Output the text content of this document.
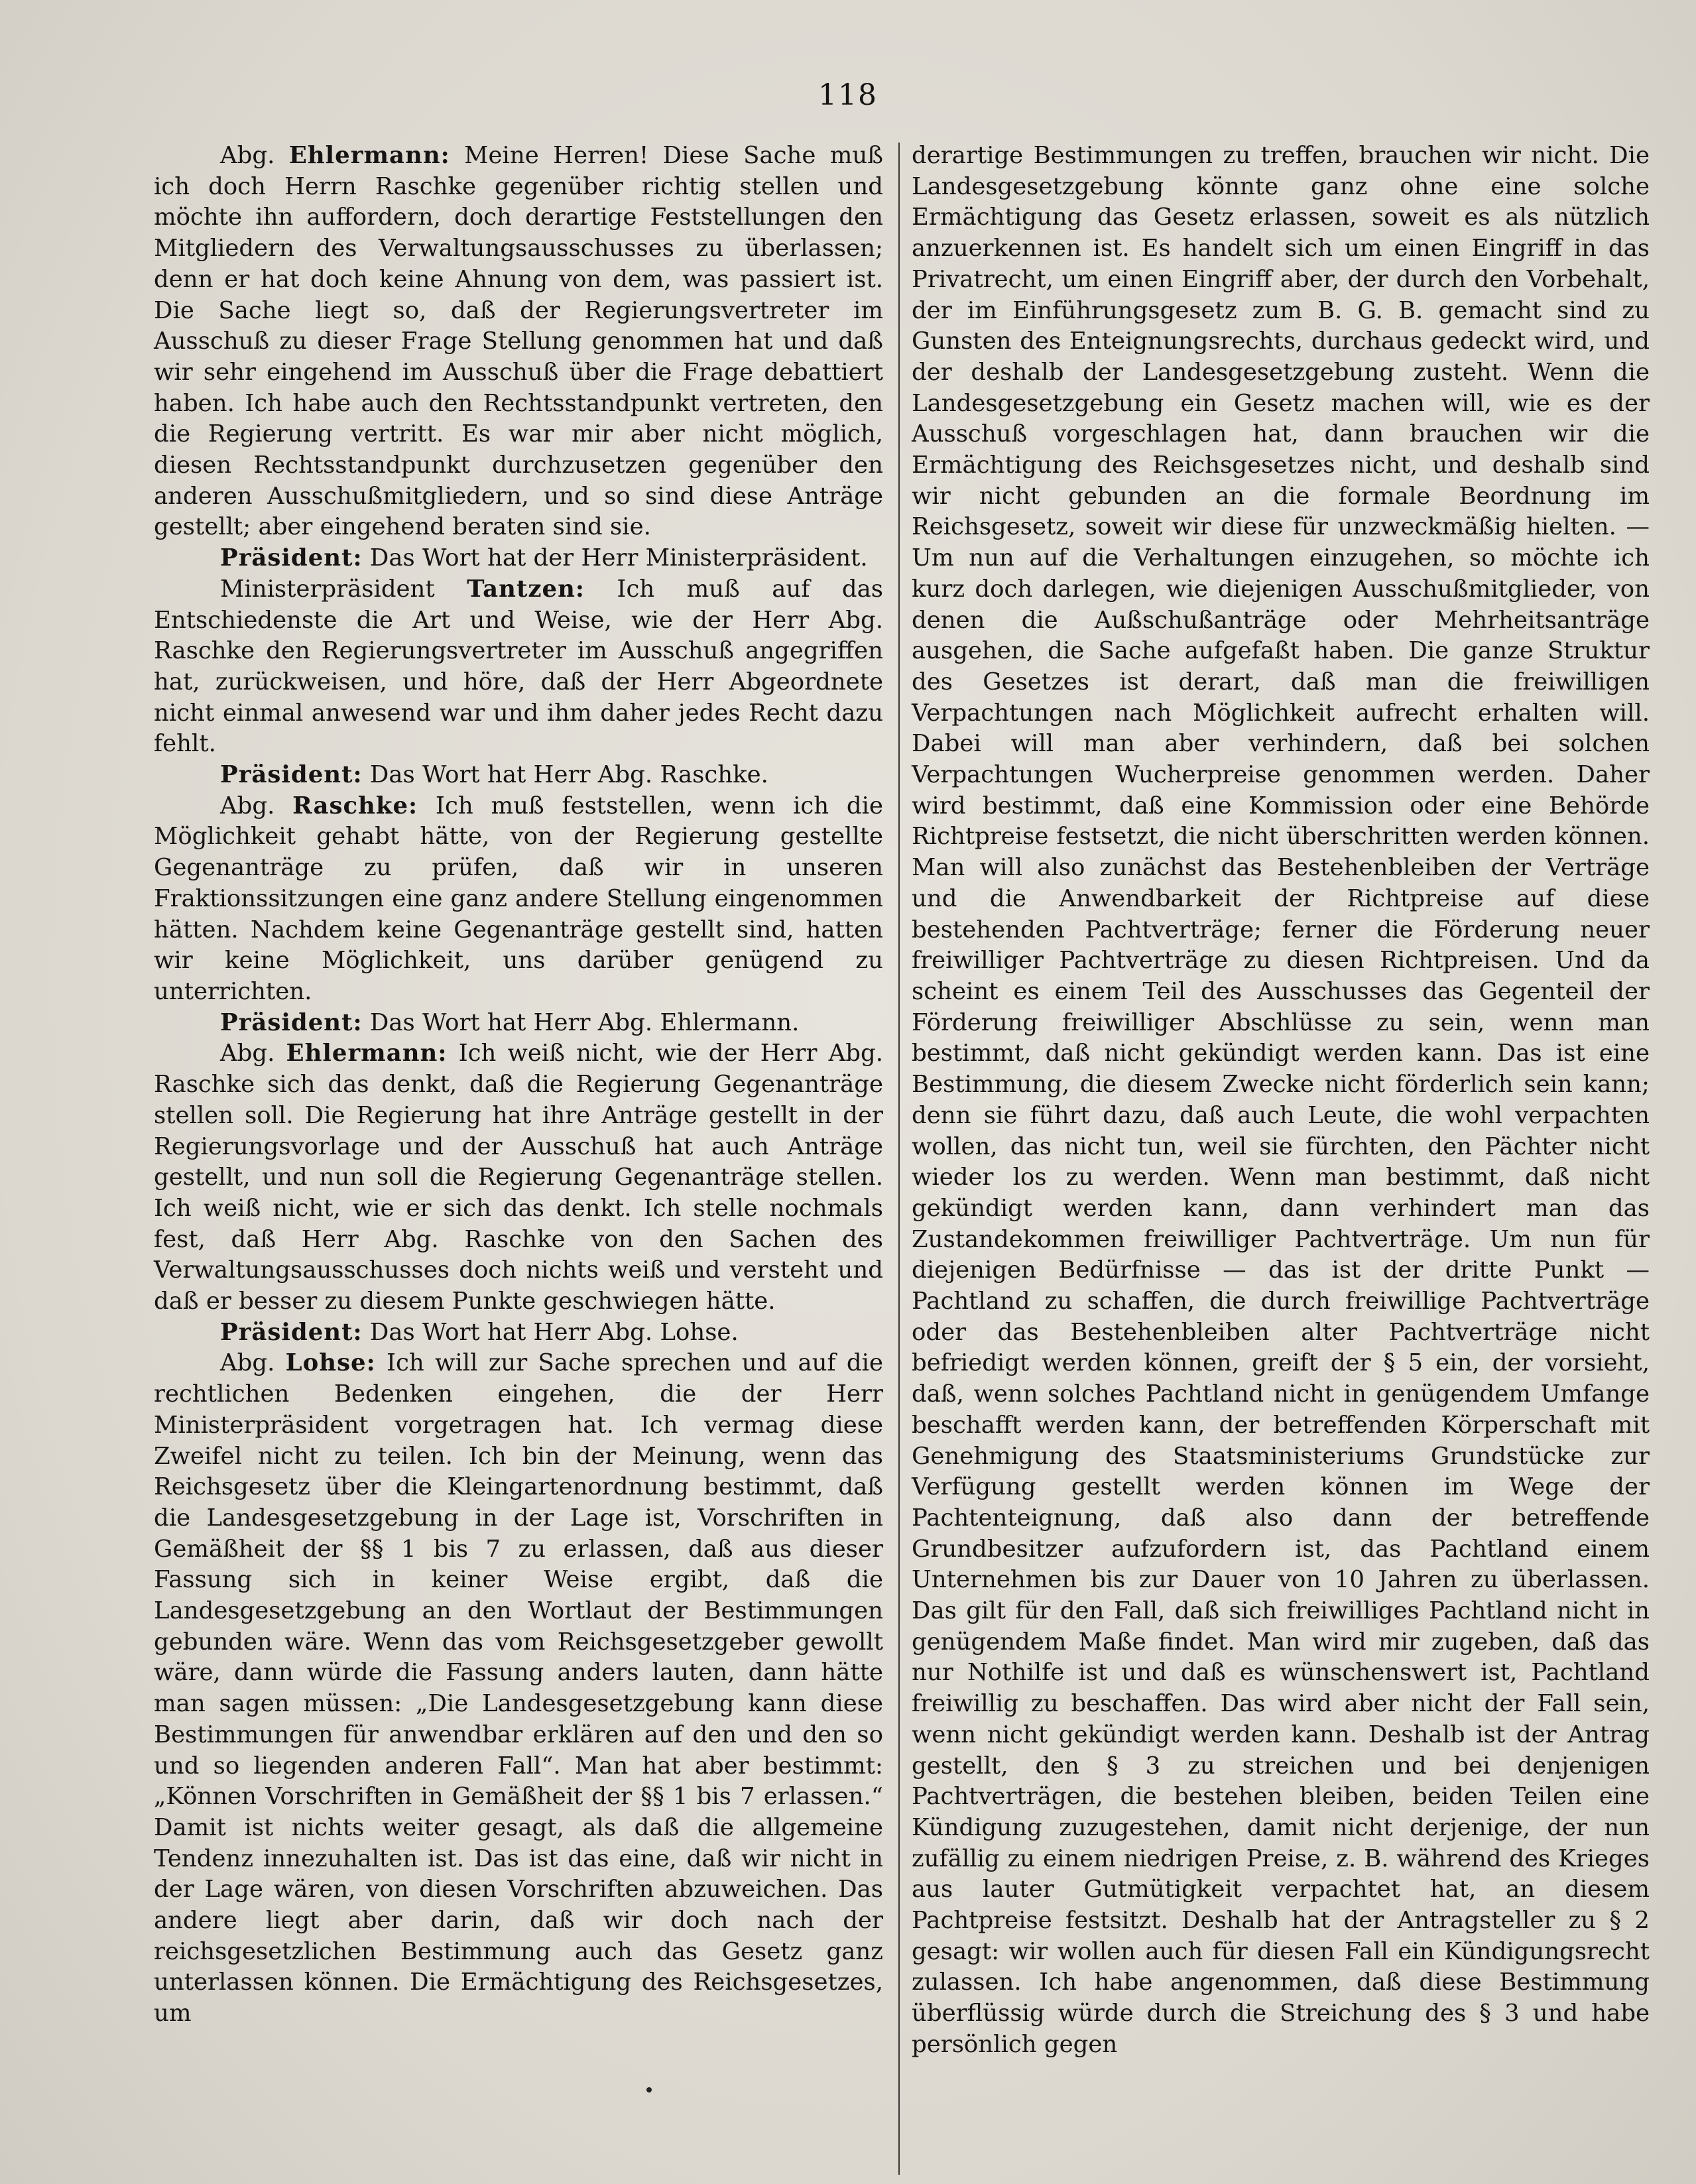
118

Abg. Ehlermann: Meine Herren! Diese Sache muß ich doch Herrn Raschke gegenüber richtig stellen und möchte ihn auffordern, doch derartige Feststellungen den Mitgliedern des Verwaltungsausschusses zu überlassen; denn er hat doch keine Ahnung von dem, was passiert ist. Die Sache liegt so, daß der Regierungsvertreter im Ausschuß zu dieser Frage Stellung genommen hat und daß wir sehr eingehend im Ausschuß über die Frage debattiert haben. Ich habe auch den Rechtsstandpunkt vertreten, den die Regierung vertritt. Es war mir aber nicht möglich, diesen Rechtsstandpunkt durchzusetzen gegenüber den anderen Ausschußmitgliedern, und so sind diese Anträge gestellt; aber eingehend beraten sind sie.

Präsident: Das Wort hat der Herr Ministerpräsident.

Ministerpräsident Tantzen: Ich muß auf das Entschiedenste die Art und Weise, wie der Herr Abg. Raschke den Regierungsvertreter im Ausschuß angegriffen hat, zurückweisen, und höre, daß der Herr Abgeordnete nicht einmal anwesend war und ihm daher jedes Recht dazu fehlt.

Präsident: Das Wort hat Herr Abg. Raschke.

Abg. Raschke: Ich muß feststellen, wenn ich die Möglichkeit gehabt hätte, von der Regierung gestellte Gegenanträge zu prüfen, daß wir in unseren Fraktionssitzungen eine ganz andere Stellung eingenommen hätten. Nachdem keine Gegenanträge gestellt sind, hatten wir keine Möglichkeit, uns darüber genügend zu unterrichten.

Präsident: Das Wort hat Herr Abg. Ehlermann.

Abg. Ehlermann: Ich weiß nicht, wie der Herr Abg. Raschke sich das denkt, daß die Regierung Gegenanträge stellen soll. Die Regierung hat ihre Anträge gestellt in der Regierungsvorlage und der Ausschuß hat auch Anträge gestellt, und nun soll die Regierung Gegenanträge stellen. Ich weiß nicht, wie er sich das denkt. Ich stelle nochmals fest, daß Herr Abg. Raschke von den Sachen des Verwaltungsausschusses doch nichts weiß und versteht und daß er besser zu diesem Punkte geschwiegen hätte.

Präsident: Das Wort hat Herr Abg. Lohse.

Abg. Lohse: Ich will zur Sache sprechen und auf die rechtlichen Bedenken eingehen, die der Herr Ministerpräsident vorgetragen hat. Ich vermag diese Zweifel nicht zu teilen. Ich bin der Meinung, wenn das Reichsgesetz über die Kleingartenordnung bestimmt, daß die Landesgesetzgebung in der Lage ist, Vorschriften in Gemäßheit der §§ 1 bis 7 zu erlassen, daß aus dieser Fassung sich in keiner Weise ergibt, daß die Landesgesetzgebung an den Wortlaut der Bestimmungen gebunden wäre. Wenn das vom Reichsgesetzgeber gewollt wäre, dann würde die Fassung anders lauten, dann hätte man sagen müssen: „Die Landesgesetzgebung kann diese Bestimmungen für anwendbar erklären auf den und den so und so liegenden anderen Fall“. Man hat aber bestimmt: „Können Vorschriften in Gemäßheit der §§ 1 bis 7 erlassen.“ Damit ist nichts weiter gesagt, als daß die allgemeine Tendenz innezuhalten ist. Das ist das eine, daß wir nicht in der Lage wären, von diesen Vorschriften abzuweichen. Das andere liegt aber darin, daß wir doch nach der reichsgesetzlichen Bestimmung auch das Gesetz ganz unterlassen können. Die Ermächtigung des Reichsgesetzes, um

derartige Bestimmungen zu treffen, brauchen wir nicht. Die Landesgesetzgebung könnte ganz ohne eine solche Ermächtigung das Gesetz erlassen, soweit es als nützlich anzuerkennen ist. Es handelt sich um einen Eingriff in das Privatrecht, um einen Eingriff aber, der durch den Vorbehalt, der im Einführungsgesetz zum B. G. B. gemacht sind zu Gunsten des Enteignungsrechts, durchaus gedeckt wird, und der deshalb der Landesgesetzgebung zusteht. Wenn die Landesgesetzgebung ein Gesetz machen will, wie es der Ausschuß vorgeschlagen hat, dann brauchen wir die Ermächtigung des Reichsgesetzes nicht, und deshalb sind wir nicht gebunden an die formale Beordnung im Reichsgesetz, soweit wir diese für unzweckmäßig hielten. — Um nun auf die Verhaltungen einzugehen, so möchte ich kurz doch darlegen, wie diejenigen Ausschußmitglieder, von denen die Außschußanträge oder Mehrheitsanträge ausgehen, die Sache aufgefaßt haben. Die ganze Struktur des Gesetzes ist derart, daß man die freiwilligen Verpachtungen nach Möglichkeit aufrecht erhalten will. Dabei will man aber verhindern, daß bei solchen Verpachtungen Wucherpreise genommen werden. Daher wird bestimmt, daß eine Kommission oder eine Behörde Richtpreise festsetzt, die nicht überschritten werden können. Man will also zunächst das Bestehenbleiben der Verträge und die Anwendbarkeit der Richtpreise auf diese bestehenden Pachtverträge; ferner die Förderung neuer freiwilliger Pachtverträge zu diesen Richtpreisen. Und da scheint es einem Teil des Ausschusses das Gegenteil der Förderung freiwilliger Abschlüsse zu sein, wenn man bestimmt, daß nicht gekündigt werden kann. Das ist eine Bestimmung, die diesem Zwecke nicht förderlich sein kann; denn sie führt dazu, daß auch Leute, die wohl verpachten wollen, das nicht tun, weil sie fürchten, den Pächter nicht wieder los zu werden. Wenn man bestimmt, daß nicht gekündigt werden kann, dann verhindert man das Zustandekommen freiwilliger Pachtverträge. Um nun für diejenigen Bedürfnisse — das ist der dritte Punkt — Pachtland zu schaffen, die durch freiwillige Pachtverträge oder das Bestehenbleiben alter Pachtverträge nicht befriedigt werden können, greift der § 5 ein, der vorsieht, daß, wenn solches Pachtland nicht in genügendem Umfange beschafft werden kann, der betreffenden Körperschaft mit Genehmigung des Staatsministeriums Grundstücke zur Verfügung gestellt werden können im Wege der Pachtenteignung, daß also dann der betreffende Grundbesitzer aufzufordern ist, das Pachtland einem Unternehmen bis zur Dauer von 10 Jahren zu überlassen. Das gilt für den Fall, daß sich freiwilliges Pachtland nicht in genügendem Maße findet. Man wird mir zugeben, daß das nur Nothilfe ist und daß es wünschenswert ist, Pachtland freiwillig zu beschaffen. Das wird aber nicht der Fall sein, wenn nicht gekündigt werden kann. Deshalb ist der Antrag gestellt, den § 3 zu streichen und bei denjenigen Pachtverträgen, die bestehen bleiben, beiden Teilen eine Kündigung zuzugestehen, damit nicht derjenige, der nun zufällig zu einem niedrigen Preise, z. B. während des Krieges aus lauter Gutmütigkeit verpachtet hat, an diesem Pachtpreise festsitzt. Deshalb hat der Antragsteller zu § 2 gesagt: wir wollen auch für diesen Fall ein Kündigungsrecht zulassen. Ich habe angenommen, daß diese Bestimmung überflüssig würde durch die Streichung des § 3 und habe persönlich gegen
